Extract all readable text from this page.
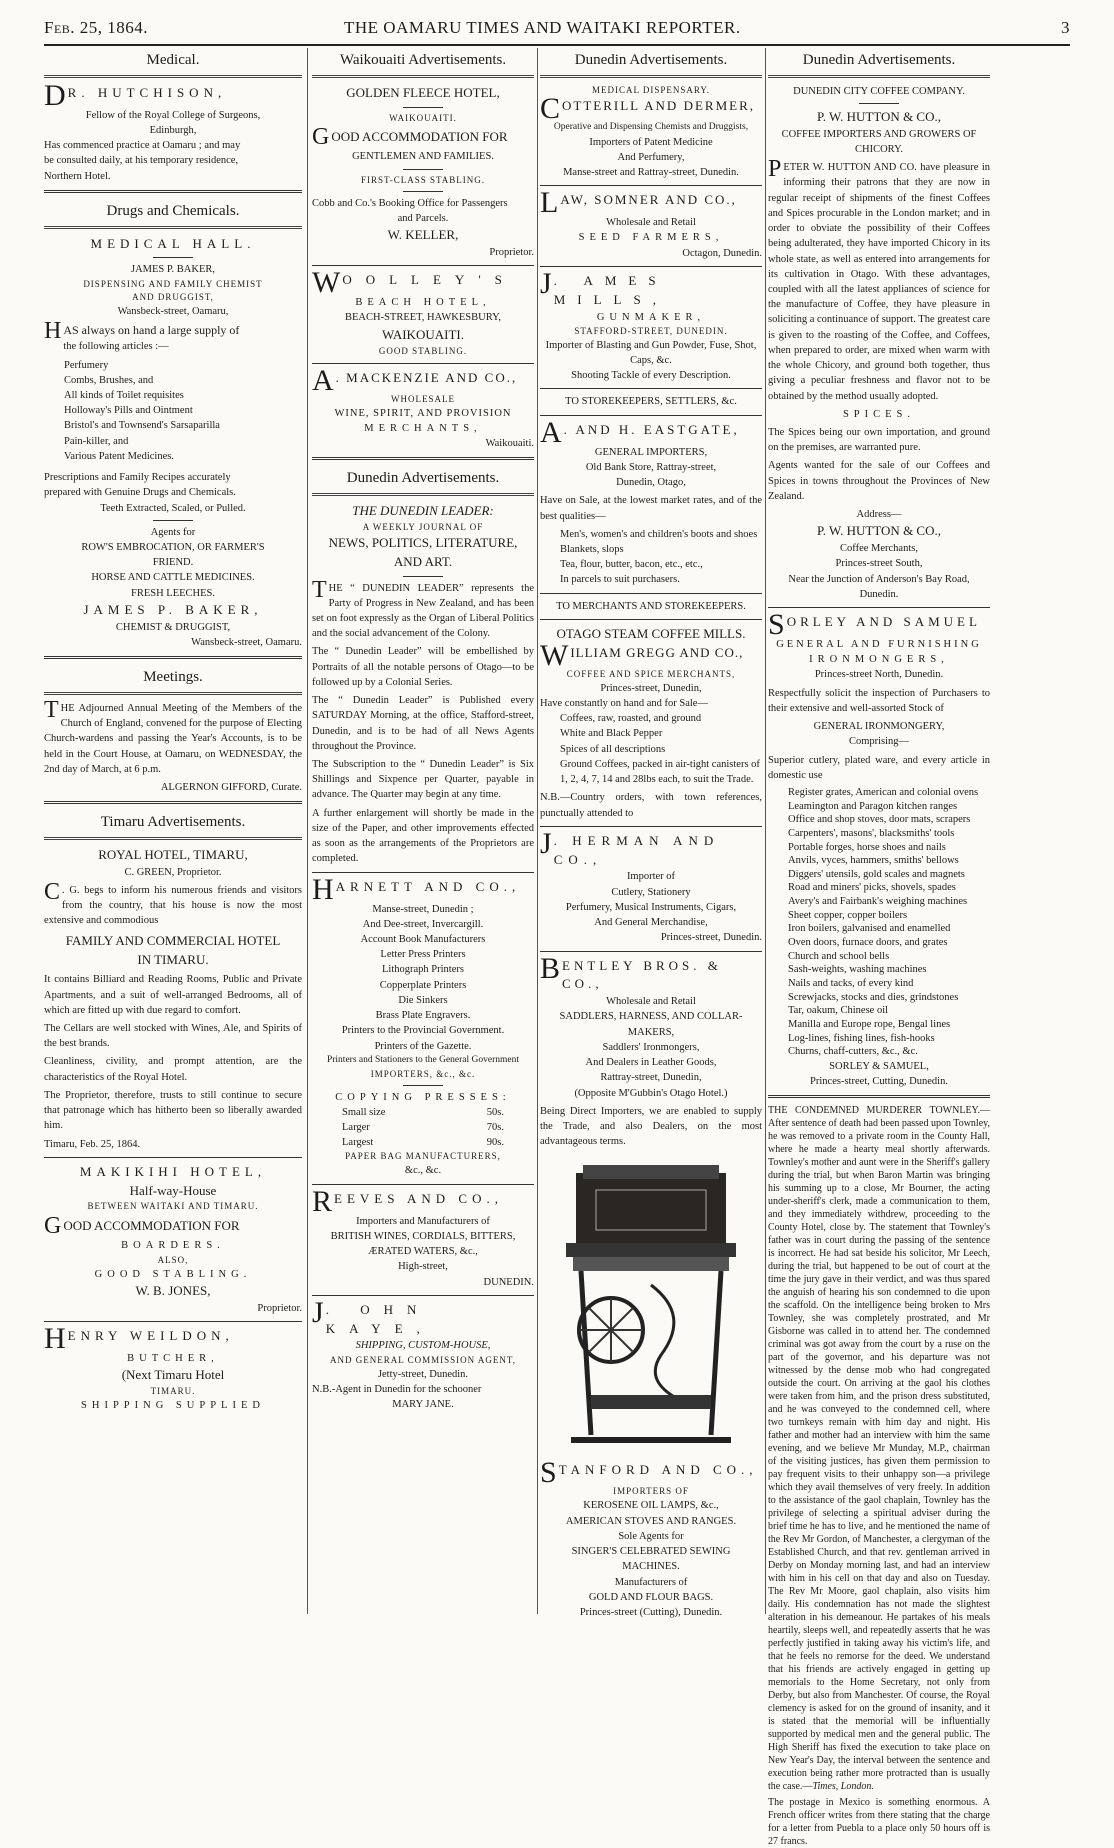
Feb. 25, 1864.	THE OAMARU TIMES AND WAITAKI REPORTER.	3
Medical.
D R. HUTCHISON,
Fellow of the Royal College of Surgeons,
Edinburgh,
Has commenced practice at Oamaru ; and may
be consulted daily, at his temporary residence,
Northern Hotel.
Drugs and Chemicals.
MEDICAL HALL.
JAMES P. BAKER,
DISPENSING AND FAMILY CHEMIST
AND DRUGGIST,
Wansbeck-street, Oamaru,
HAS always on hand a large supply of
the following articles :—
Perfumery
Combs, Brushes, and
All kinds of Toilet requisites
Holloway's Pills and Ointment
Bristol's and Townsend's Sarsaparilla
Pain-killer, and
Various Patent Medicines.
Prescriptions and Family Recipes accurately
prepared with Genuine Drugs and Chemicals.
Teeth Extracted, Scaled, or Pulled.
Agents for
ROW'S EMBROCATION, OR FARMER'S
FRIEND.
HORSE AND CATTLE MEDICINES.
FRESH LEECHES.
JAMES P. BAKER,
CHEMIST & DRUGGIST,
Wansbeck-street, Oamaru.
Meetings.
THE Adjourned Annual Meeting of the Members of the Church of England, convened for the purpose of Electing Church-wardens and passing the Year's Accounts, is to be held in the Court House, at Oamaru, on WEDNESDAY, the 2nd day of March, at 6 p.m.
ALGERNON GIFFORD, Curate.
Timaru Advertisements.
ROYAL HOTEL, TIMARU,
C. GREEN, Proprietor.
C . G. begs to inform his numerous friends and visitors from the country, that his house is now the most extensive and commodious
FAMILY AND COMMERCIAL HOTEL
IN TIMARU.
It contains Billiard and Reading Rooms, Public and Private Apartments, and a suit of well-arranged Bedrooms, all of which are fitted up with due regard to comfort.
The Cellars are well stocked with Wines, Ale, and Spirits of the best brands.
Cleanliness, civility, and prompt attention, are the characteristics of the Royal Hotel.
The Proprietor, therefore, trusts to still continue to secure that patronage which has hitherto been so liberally awarded him.
Timaru, Feb. 25, 1864.
MAKIKIHI HOTEL,
Half-way-House
BETWEEN WAITAKI AND TIMARU.
GOOD ACCOMMODATION FOR
BOARDERS.
ALSO,
GOOD STABLING.
W. B. JONES,
Proprietor.
HENRY WEILDON,
BUTCHER,
(Next Timaru Hotel
TIMARU.
SHIPPING SUPPLIED
Waikouaiti Advertisements.
GOLDEN FLEECE HOTEL,
WAIKOUAITI.
GOOD ACCOMMODATION FOR
GENTLEMEN AND FAMILIES.
FIRST-CLASS STABLING.
Cobb and Co.'s Booking Office for Passengers
and Parcels.
W. KELLER,
Proprietor.
WOOLLEY'S
BEACH HOTEL,
BEACH-STREET, HAWKESBURY,
WAIKOUAITI.
GOOD STABLING.
A . MACKENZIE AND CO.,
WHOLESALE
WINE, SPIRIT, AND PROVISION
MERCHANTS,
Waikouaiti.
Dunedin Advertisements.
THE DUNEDIN LEADER:
A WEEKLY JOURNAL OF
NEWS, POLITICS, LITERATURE,
AND ART.
THE “ DUNEDIN LEADER” represents the Party of Progress in New Zealand, and has been set on foot expressly as the Organ of Liberal Politics and the social advancement of the Colony.
The “ Dunedin Leader” will be embellished by Portraits of all the notable persons of Otago—to be followed up by a Colonial Series.
The “ Dunedin Leader” is Published every SATURDAY Morning, at the office, Stafford-street, Dunedin, and is to be had of all News Agents throughout the Province.
The Subscription to the “ Dunedin Leader” is Six Shillings and Sixpence per Quarter, payable in advance. The Quarter may begin at any time.
A further enlargement will shortly be made in the size of the Paper, and other improvements effected as soon as the arrangements of the Proprietors are completed.
HARNETT AND CO.,
Manse-street, Dunedin ;
And Dee-street, Invercargill.
Account Book Manufacturers
Letter Press Printers
Lithograph Printers
Copperplate Printers
Die Sinkers
Brass Plate Engravers.
Printers to the Provincial Government.
Printers of the Gazette.
Printers and Stationers to the General Government
IMPORTERS, &c., &c.
COPYING PRESSES:
Small size	50s.
Larger	70s.
Largest	90s.
PAPER BAG MANUFACTURERS,
&c., &c.
REEVES AND CO.,
Importers and Manufacturers of
BRITISH WINES, CORDIALS, BITTERS,
ÆRATED WATERS, &c.,
High-street,
DUNEDIN.
J . OHN KAYE,
SHIPPING, CUSTOM-HOUSE,
AND GENERAL COMMISSION AGENT,
Jetty-street, Dunedin.
N.B.-Agent in Dunedin for the schooner
MARY JANE.
Dunedin Advertisements.
MEDICAL DISPENSARY.
COTTERILL AND DERMER,
Operative and Dispensing Chemists and Druggists,
Importers of Patent Medicine
And Perfumery,
Manse-street and Rattray-street, Dunedin.
LAW, SOMNER AND CO.,
Wholesale and Retail
SEED FARMERS,
Octagon, Dunedin.
J . AMES MILLS,
GUNMAKER,
STAFFORD-STREET, DUNEDIN.
Importer of Blasting and Gun Powder, Fuse, Shot, Caps, &c.
Shooting Tackle of every Description.
TO STOREKEEPERS, SETTLERS, &c.
A . AND H. EASTGATE,
GENERAL IMPORTERS,
Old Bank Store, Rattray-street,
Dunedin, Otago,
Have on Sale, at the lowest market rates, and of the best qualities—
Men's, women's and children's boots and shoes
Blankets, slops
Tea, flour, butter, bacon, etc., etc.,
In parcels to suit purchasers.
TO MERCHANTS AND STOREKEEPERS.
OTAGO STEAM COFFEE MILLS.
WILLIAM GREGG AND CO.,
COFFEE AND SPICE MERCHANTS,
Princes-street, Dunedin,
Have constantly on hand and for Sale—
Coffees, raw, roasted, and ground
White and Black Pepper
Spices of all descriptions
Ground Coffees, packed in air-tight canisters of 1, 2, 4, 7, 14 and 28lbs each, to suit the Trade.
N.B.—Country orders, with town references, punctually attended to
J . HERMAN AND CO.,
Importer of
Cutlery, Stationery
Perfumery, Musical Instruments, Cigars,
And General Merchandise,
Princes-street, Dunedin.
BENTLEY BROS. & CO.,
Wholesale and Retail
SADDLERS, HARNESS, AND COLLAR-MAKERS,
Saddlers' Ironmongers,
And Dealers in Leather Goods,
Rattray-street, Dunedin,
(Opposite M'Gubbin's Otago Hotel.)
Being Direct Importers, we are enabled to supply the Trade, and also Dealers, on the most advantageous terms.
STANFORD AND CO.,
IMPORTERS OF
KEROSENE OIL LAMPS, &c.,
AMERICAN STOVES AND RANGES.
Sole Agents for
SINGER'S CELEBRATED SEWING
MACHINES.
Manufacturers of
GOLD AND FLOUR BAGS.
Princes-street (Cutting), Dunedin.
Dunedin Advertisements.
DUNEDIN CITY COFFEE COMPANY.
P. W. HUTTON & CO.,
COFFEE IMPORTERS AND GROWERS OF CHICORY.
PETER W. HUTTON AND CO. have pleasure in informing their patrons that they are now in regular receipt of shipments of the finest Coffees and Spices procurable in the London market; and in order to obviate the possibility of their Coffees being adulterated, they have imported Chicory in its whole state, as well as entered into arrangements for its cultivation in Otago. With these advantages, coupled with all the latest appliances of science for the manufacture of Coffee, they have pleasure in soliciting a continuance of support. The greatest care is given to the roasting of the Coffee, and Coffees, when prepared to order, are mixed when warm with the whole Chicory, and ground both together, thus giving a peculiar freshness and flavor not to be obtained by the method usually adopted.
SPICES.
The Spices being our own importation, and ground on the premises, are warranted pure.
Agents wanted for the sale of our Coffees and Spices in towns throughout the Provinces of New Zealand.
Address—
P. W. HUTTON & CO.,
Coffee Merchants,
Princes-street South,
Near the Junction of Anderson's Bay Road,
Dunedin.
SORLEY AND SAMUEL
GENERAL AND FURNISHING
IRONMONGERS,
Princes-street North, Dunedin.
Respectfully solicit the inspection of Purchasers to their extensive and well-assorted Stock of
GENERAL IRONMONGERY,
Comprising—
Superior cutlery, plated ware, and every article in domestic use
Register grates, American and colonial ovens
Leamington and Paragon kitchen ranges
Office and shop stoves, door mats, scrapers
Carpenters', masons', blacksmiths' tools
Portable forges, horse shoes and nails
Anvils, vyces, hammers, smiths' bellows
Diggers' utensils, gold scales and magnets
Road and miners' picks, shovels, spades
Avery's and Fairbank's weighing machines
Sheet copper, copper boilers
Iron boilers, galvanised and enamelled
Oven doors, furnace doors, and grates
Church and school bells
Sash-weights, washing machines
Nails and tacks, of every kind
Screwjacks, stocks and dies, grindstones
Tar, oakum, Chinese oil
Manilla and Europe rope, Bengal lines
Log-lines, fishing lines, fish-hooks
Churns, chaff-cutters, &c., &c.
SORLEY & SAMUEL,
Princes-street, Cutting, Dunedin.
THE CONDEMNED MURDERER TOWNLEY.—After sentence of death had been passed upon Townley, he was removed to a private room in the County Hall, where he made a hearty meal shortly afterwards. Townley's mother and aunt were in the Sheriff's gallery during the trial, but when Baron Martin was bringing his summing up to a close, Mr Bourner, the acting under-sheriff's clerk, made a communication to them, and they immediately withdrew, proceeding to the County Hotel, close by. The statement that Townley's father was in court during the passing of the sentence is incorrect. He had sat beside his solicitor, Mr Leech, during the trial, but happened to be out of court at the time the jury gave in their verdict, and was thus spared the anguish of hearing his son condemned to die upon the scaffold. On the intelligence being broken to Mrs Townley, she was completely prostrated, and Mr Gisborne was called in to attend her. The condemned criminal was got away from the court by a ruse on the part of the governor, and his departure was not witnessed by the dense mob who had congregated outside the court. On arriving at the gaol his clothes were taken from him, and the prison dress substituted, and he was conveyed to the condemned cell, where two turnkeys remain with him day and night. His father and mother had an interview with him the same evening, and we believe Mr Munday, M.P., chairman of the visiting justices, has given them permission to pay frequent visits to their unhappy son—a privilege which they avail themselves of very freely. In addition to the assistance of the gaol chaplain, Townley has the privilege of selecting a spiritual adviser during the brief time he has to live, and he mentioned the name of the Rev Mr Gordon, of Manchester, a clergyman of the Established Church, and that rev. gentleman arrived in Derby on Monday morning last, and had an interview with him in his cell on that day and also on Tuesday. The Rev Mr Moore, gaol chaplain, also visits him daily. His condemnation has not made the slightest alteration in his demeanour. He partakes of his meals heartily, sleeps well, and repeatedly asserts that he was perfectly justified in taking away his victim's life, and that he feels no remorse for the deed. We understand that his friends are actively engaged in getting up memorials to the Home Secretary, not only from Derby, but also from Manchester. Of course, the Royal clemency is asked for on the ground of insanity, and it is stated that the memorial will be influentially supported by medical men and the general public. The High Sheriff has fixed the execution to take place on New Year's Day, the interval between the sentence and execution being rather more protracted than is usually the case.—Times, London.
The postage in Mexico is something enormous. A French officer writes from there stating that the charge for a letter from Puebla to a place only 50 hours off is 27 francs.
